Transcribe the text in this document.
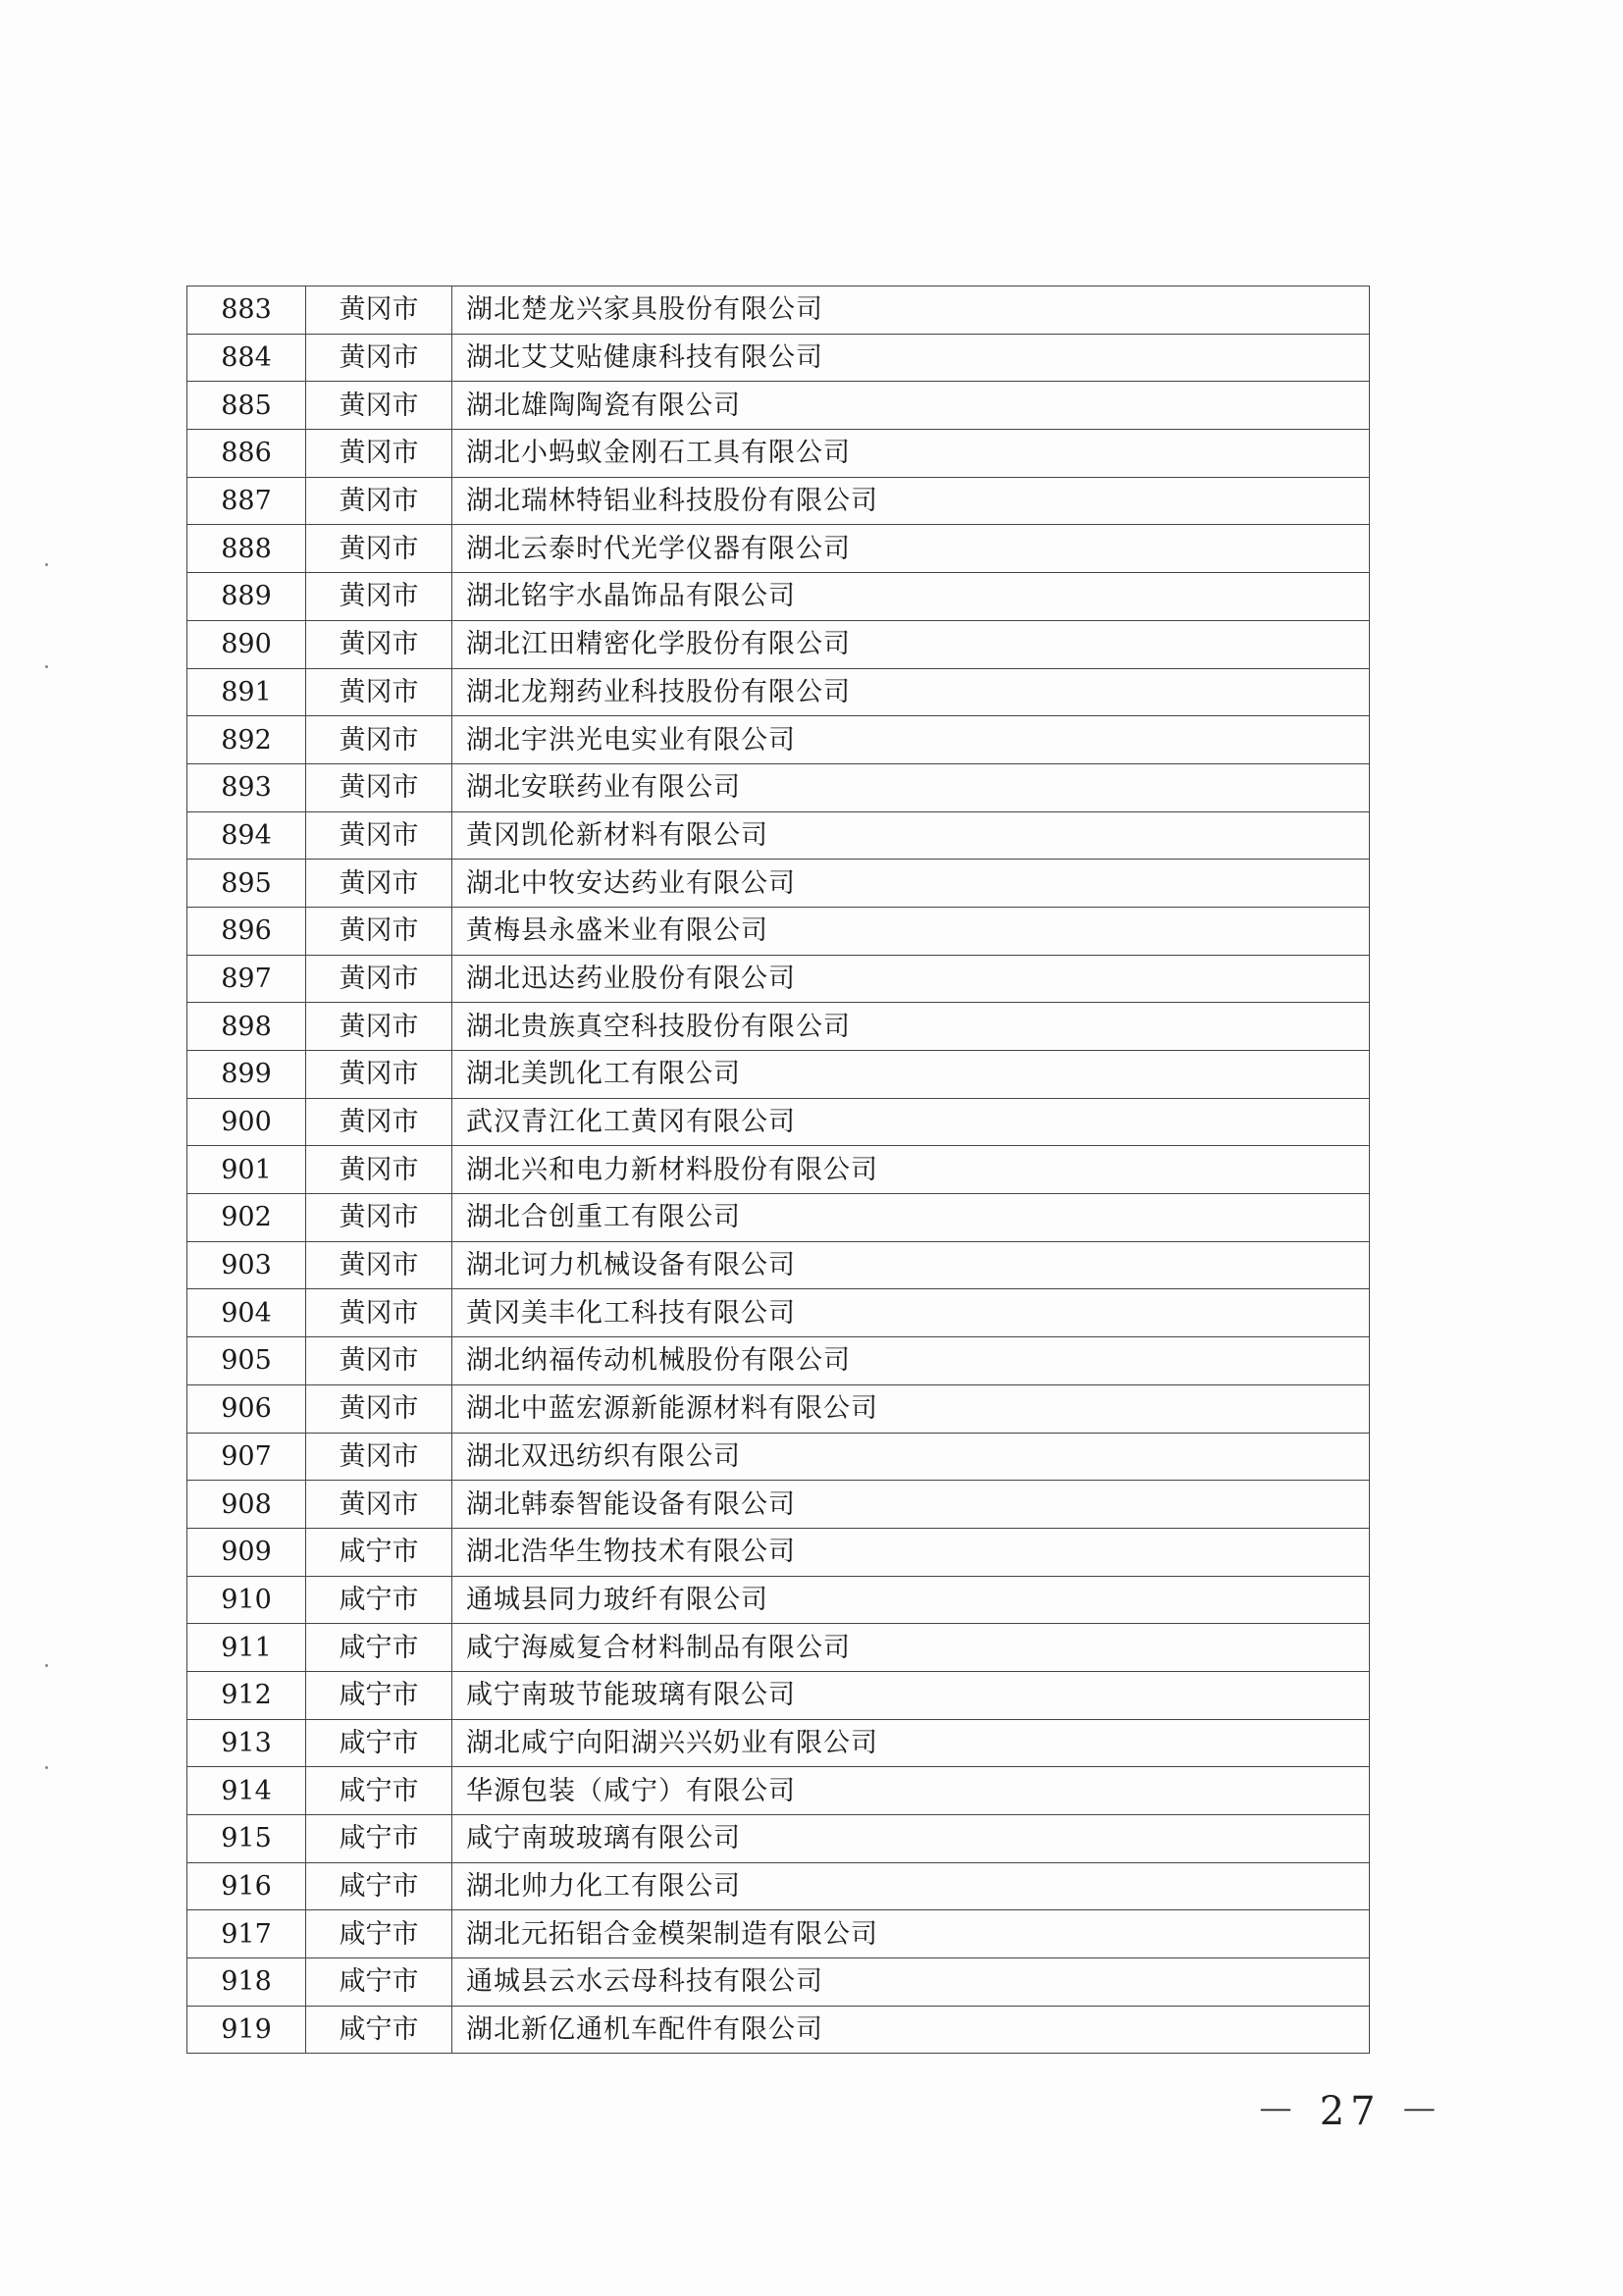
883	黄冈市	湖北楚龙兴家具股份有限公司
884	黄冈市	湖北艾艾贴健康科技有限公司
885	黄冈市	湖北雄陶陶瓷有限公司
886	黄冈市	湖北小蚂蚁金刚石工具有限公司
887	黄冈市	湖北瑞林特铝业科技股份有限公司
888	黄冈市	湖北云泰时代光学仪器有限公司
889	黄冈市	湖北铭宇水晶饰品有限公司
890	黄冈市	湖北江田精密化学股份有限公司
891	黄冈市	湖北龙翔药业科技股份有限公司
892	黄冈市	湖北宇洪光电实业有限公司
893	黄冈市	湖北安联药业有限公司
894	黄冈市	黄冈凯伦新材料有限公司
895	黄冈市	湖北中牧安达药业有限公司
896	黄冈市	黄梅县永盛米业有限公司
897	黄冈市	湖北迅达药业股份有限公司
898	黄冈市	湖北贵族真空科技股份有限公司
899	黄冈市	湖北美凯化工有限公司
900	黄冈市	武汉青江化工黄冈有限公司
901	黄冈市	湖北兴和电力新材料股份有限公司
902	黄冈市	湖北合创重工有限公司
903	黄冈市	湖北诃力机械设备有限公司
904	黄冈市	黄冈美丰化工科技有限公司
905	黄冈市	湖北纳福传动机械股份有限公司
906	黄冈市	湖北中蓝宏源新能源材料有限公司
907	黄冈市	湖北双迅纺织有限公司
908	黄冈市	湖北韩泰智能设备有限公司
909	咸宁市	湖北浩华生物技术有限公司
910	咸宁市	通城县同力玻纤有限公司
911	咸宁市	咸宁海威复合材料制品有限公司
912	咸宁市	咸宁南玻节能玻璃有限公司
913	咸宁市	湖北咸宁向阳湖兴兴奶业有限公司
914	咸宁市	华源包装（咸宁）有限公司
915	咸宁市	咸宁南玻玻璃有限公司
916	咸宁市	湖北帅力化工有限公司
917	咸宁市	湖北元拓铝合金模架制造有限公司
918	咸宁市	通城县云水云母科技有限公司
919	咸宁市	湖北新亿通机车配件有限公司
－ 27 －
